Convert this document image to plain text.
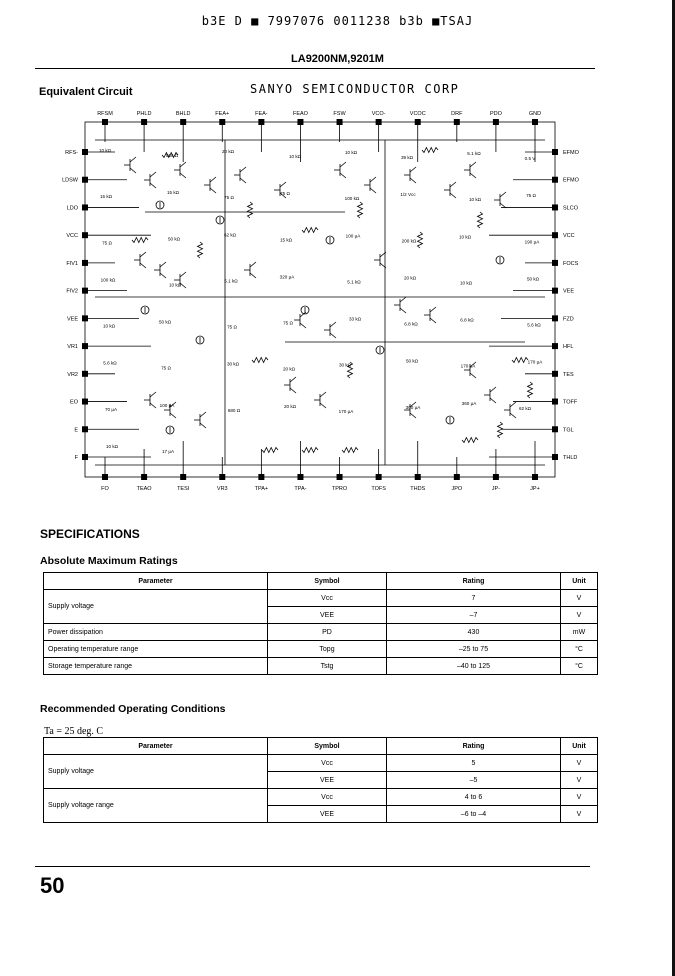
b3E D ■ 7997076 0011238 b3b ■TSAJ
LA9200NM,9201M
Equivalent Circuit	SANYO SEMICONDUCTOR CORP
RFSM	PHLD	BHLD	FEA+	FEA-	FEAO	FSW	VCO-	VCOC	DRF	PDO	GND
FO	TEAO	TESI	VR3	TPA+	TPA-	TPRO	TOFS	THDS	JPO	JP-	JP+
RFS-
LDSW
LDO
VCC
FIV1
FIV2
VEE
VR1
VR2
EO
E
F
EFMO
EFMO
SLCO
VCC
FOCS
VEE
FZD
HFL
TES
TOFF
TGL
THLD
10 kΩ
560 Ω
20 kΩ
10 kΩ
10 kΩ
39 kΩ
5.1 kΩ
0.5 V
15 kΩ
15 kΩ
75 Ω
75 Ω
100 kΩ
1/2 Vcc
10 kΩ
75 Ω
75 Ω
50 kΩ
62 kΩ
15 kΩ
100 μA
200 kΩ
10 kΩ
190 μA
100 kΩ
10 kΩ
5.1 kΩ
320 μA
5.1 kΩ
20 kΩ
10 kΩ
50 kΩ
10 kΩ
50 kΩ
75 Ω
75 Ω
33 kΩ
6.8 kΩ
6.8 kΩ
5.6 kΩ
5.6 kΩ
75 Ω
30 kΩ
20 kΩ
30 kΩ
50 kΩ
170 μA
170 μA
70 μA
100 μA
680 Ω
20 kΩ
170 μA
300 μA
360 μA
62 kΩ
10 kΩ
17 μA
SPECIFICATIONS
Absolute Maximum Ratings
Parameter	Symbol	Rating	Unit
Supply voltage	Vcc	7	V
	VEE	–7	V
Power dissipation	PD	430	mW
Operating temperature range	Topg	–25 to 75	°C
Storage temperature range	Tstg	–40 to 125	°C
Recommended Operating Conditions
Ta = 25 deg. C
Parameter	Symbol	Rating	Unit
Supply voltage	Vcc	5	V
	VEE	–5	V
Supply voltage range	Vcc	4 to 6	V
	VEE	–6 to –4	V
50
